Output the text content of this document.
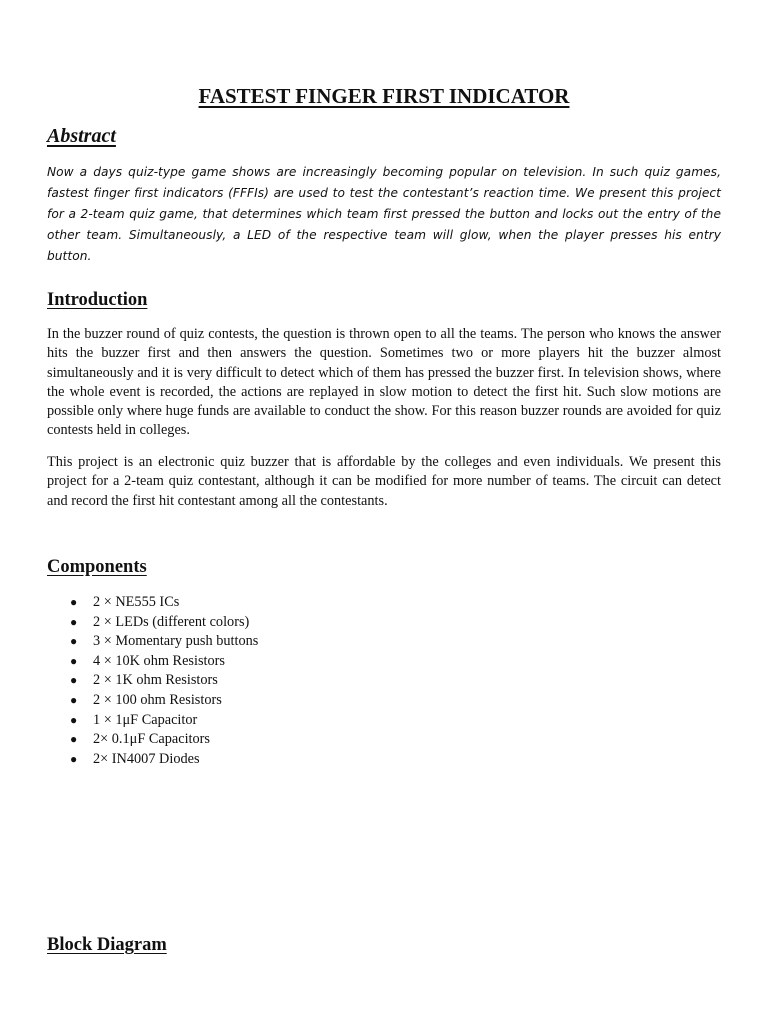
FASTEST FINGER FIRST INDICATOR
Abstract

Now a days quiz-type game shows are increasingly becoming popular on television. In such quiz games, fastest finger first indicators (FFFIs) are used to test the contestant’s reaction time. We present this project for a 2-team quiz game, that determines which team first pressed the button and locks out the entry of the other team. Simultaneously, a LED of the respective team will glow, when the player presses his entry button.

Introduction

In the buzzer round of quiz contests, the question is thrown open to all the teams. The person who knows the answer hits the buzzer first and then answers the question. Sometimes two or more players hit the buzzer almost simultaneously and it is very difficult to detect which of them has pressed the buzzer first. In television shows, where the whole event is recorded, the actions are replayed in slow motion to detect the first hit. Such slow motions are possible only where huge funds are available to conduct the show. For this reason buzzer rounds are avoided for quiz contests held in colleges.

This project is an electronic quiz buzzer that is affordable by the colleges and even individuals. We present this project for a 2-team quiz contestant, although it can be modified for more number of teams. The circuit can detect and record the first hit contestant among all the contestants.

Components
● 2 × NE555 ICs
● 2 × LEDs (different colors)
● 3 × Momentary push buttons
● 4 × 10K ohm Resistors
● 2 × 1K ohm Resistors
● 2 × 100 ohm Resistors
● 1 × 1μF Capacitor
● 2× 0.1μF Capacitors
● 2× IN4007 Diodes
Block Diagram
